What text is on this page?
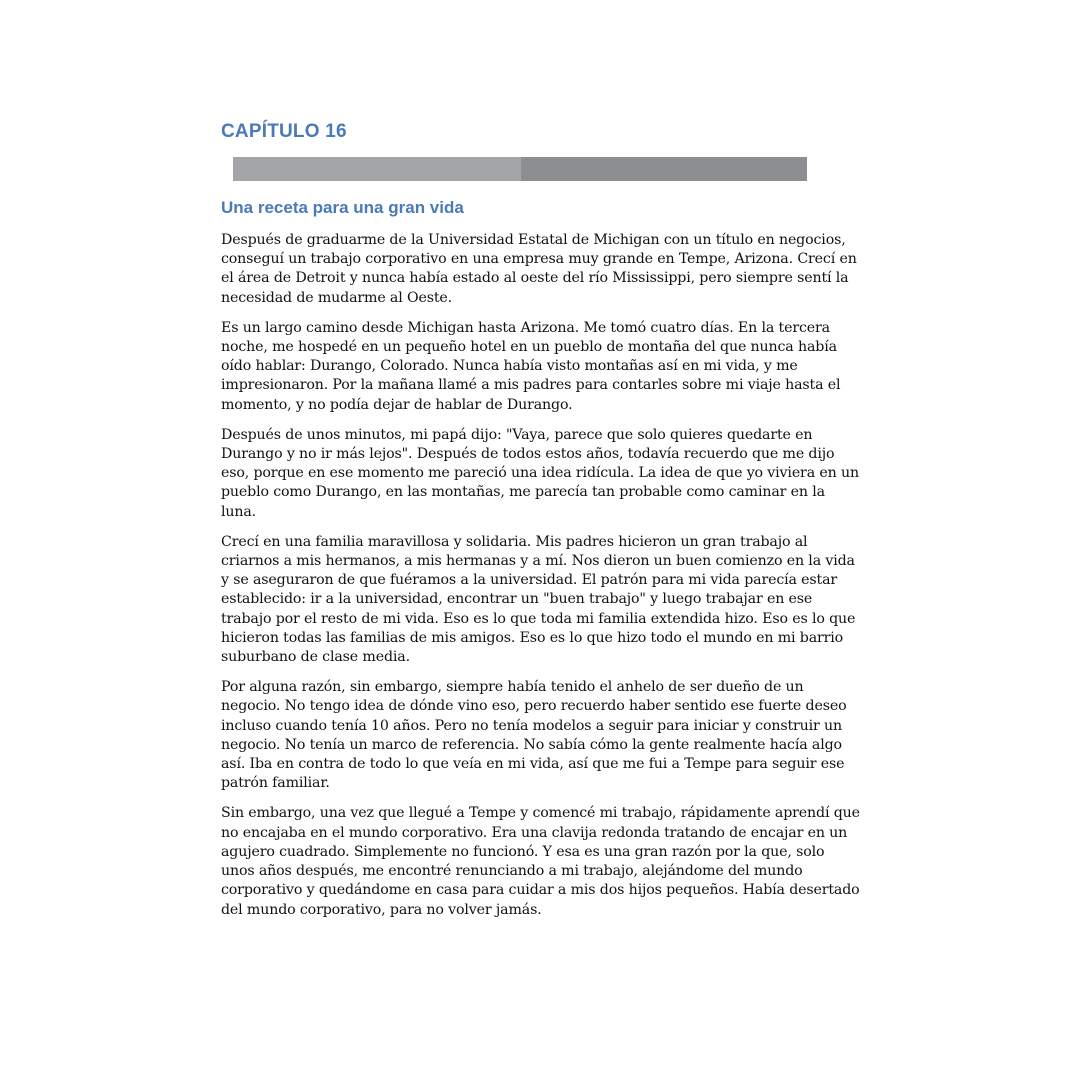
CAPÍTULO 16
Una receta para una gran vida

Después de graduarme de la Universidad Estatal de Michigan con un título en negocios, conseguí un trabajo corporativo en una empresa muy grande en Tempe, Arizona. Crecí en el área de Detroit y nunca había estado al oeste del río Mississippi, pero siempre sentí la necesidad de mudarme al Oeste.

Es un largo camino desde Michigan hasta Arizona. Me tomó cuatro días. En la tercera noche, me hospedé en un pequeño hotel en un pueblo de montaña del que nunca había oído hablar: Durango, Colorado. Nunca había visto montañas así en mi vida, y me impresionaron. Por la mañana llamé a mis padres para contarles sobre mi viaje hasta el momento, y no podía dejar de hablar de Durango.

Después de unos minutos, mi papá dijo: "Vaya, parece que solo quieres quedarte en Durango y no ir más lejos". Después de todos estos años, todavía recuerdo que me dijo eso, porque en ese momento me pareció una idea ridícula. La idea de que yo viviera en un pueblo como Durango, en las montañas, me parecía tan probable como caminar en la luna.

Crecí en una familia maravillosa y solidaria. Mis padres hicieron un gran trabajo al criarnos a mis hermanos, a mis hermanas y a mí. Nos dieron un buen comienzo en la vida y se aseguraron de que fuéramos a la universidad. El patrón para mi vida parecía estar establecido: ir a la universidad, encontrar un "buen trabajo" y luego trabajar en ese trabajo por el resto de mi vida. Eso es lo que toda mi familia extendida hizo. Eso es lo que hicieron todas las familias de mis amigos. Eso es lo que hizo todo el mundo en mi barrio suburbano de clase media.

Por alguna razón, sin embargo, siempre había tenido el anhelo de ser dueño de un negocio. No tengo idea de dónde vino eso, pero recuerdo haber sentido ese fuerte deseo incluso cuando tenía 10 años. Pero no tenía modelos a seguir para iniciar y construir un negocio. No tenía un marco de referencia. No sabía cómo la gente realmente hacía algo así. Iba en contra de todo lo que veía en mi vida, así que me fui a Tempe para seguir ese patrón familiar.

Sin embargo, una vez que llegué a Tempe y comencé mi trabajo, rápidamente aprendí que no encajaba en el mundo corporativo. Era una clavija redonda tratando de encajar en un agujero cuadrado. Simplemente no funcionó. Y esa es una gran razón por la que, solo unos años después, me encontré renunciando a mi trabajo, alejándome del mundo corporativo y quedándome en casa para cuidar a mis dos hijos pequeños. Había desertado del mundo corporativo, para no volver jamás.
